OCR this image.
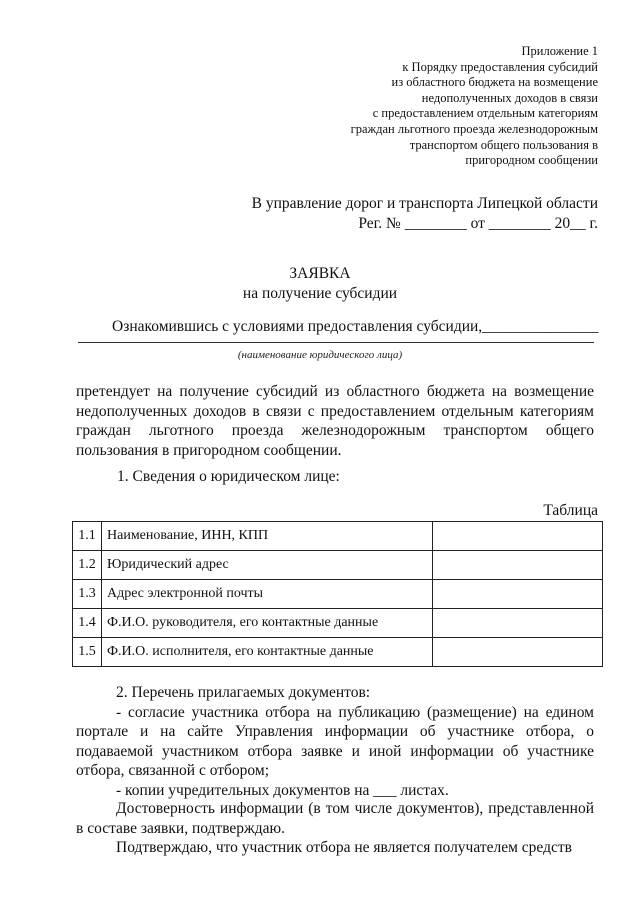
Приложение 1
к Порядку предоставления субсидий
из областного бюджета на возмещение
недополученных доходов в связи
с предоставлением отдельным категориям
граждан льготного проезда железнодорожным
транспортом общего пользования в
пригородном сообщении
В управление дорог и транспорта Липецкой области
Рег. № ________ от ________ 20__ г.
ЗАЯВКА
на получение субсидии
Ознакомившись с условиями предоставления субсидии,_______________
(наименование юридического лица)
претендует на получение субсидий из областного бюджета на возмещение недополученных доходов в связи с предоставлением отдельным категориям граждан льготного проезда железнодорожным транспортом общего пользования в пригородном сообщении.
1. Сведения о юридическом лице:
Таблица
1.1	Наименование, ИНН, КПП	
1.2	Юридический адрес	
1.3	Адрес электронной почты	
1.4	Ф.И.О. руководителя, его контактные данные	
1.5	Ф.И.О. исполнителя, его контактные данные	
2. Перечень прилагаемых документов:
- согласие участника отбора на публикацию (размещение) на едином портале и на сайте Управления информации об участнике отбора, о подаваемой участником отбора заявке и иной информации об участнике отбора, связанной с отбором;
- копии учредительных документов на ___ листах.
Достоверность информации (в том числе документов), представленной в составе заявки, подтверждаю.
Подтверждаю, что участник отбора не является получателем средств
